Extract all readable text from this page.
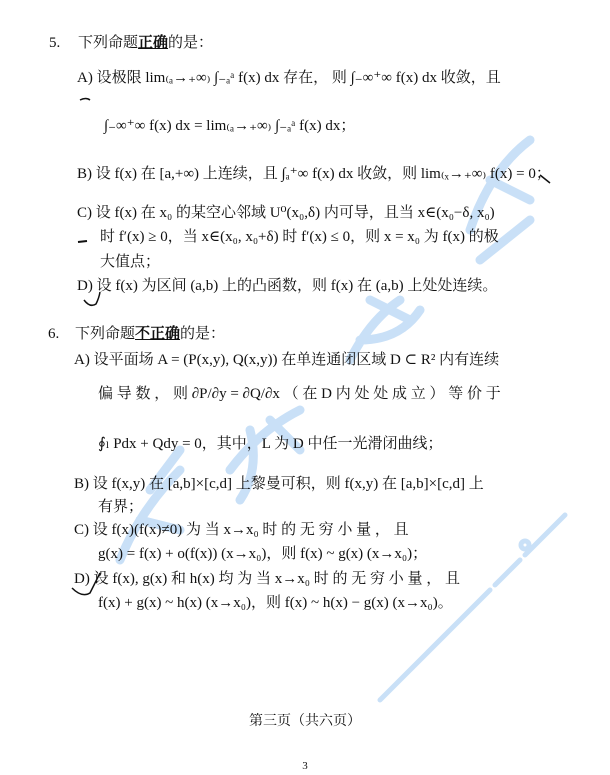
5. 下列命题正确的是：
A) 设极限 lim₍ₐ→₊∞₎ ∫₋ₐᵃ f(x) dx 存在， 则 ∫₋∞⁺∞ f(x) dx 收敛，且
∫₋∞⁺∞ f(x) dx = lim₍ₐ→₊∞₎ ∫₋ₐᵃ f(x) dx；
B) 设 f(x) 在 [a,+∞) 上连续，且 ∫ₐ⁺∞ f(x) dx 收敛，则 lim₍ₓ→₊∞₎ f(x) = 0；
C) 设 f(x) 在 x₀ 的某空心邻域 U⁰(x₀,δ) 内可导，且当 x∈(x₀−δ, x₀)
时 f′(x) ≥ 0，当 x∈(x₀, x₀+δ) 时 f′(x) ≤ 0，则 x = x₀ 为 f(x) 的极
大值点；
D) 设 f(x) 为区间 (a,b) 上的凸函数，则 f(x) 在 (a,b) 上处处连续。
6. 下列命题不正确的是：
A) 设平面场 A = (P(x,y), Q(x,y)) 在单连通闭区域 D ⊂ R² 内有连续
偏 导 数 ， 则 ∂P/∂y = ∂Q/∂x （ 在 D 内 处 处 成 立 ） 等 价 于
∮ₗ Pdx + Qdy = 0，其中，L 为 D 中任一光滑闭曲线；
B) 设 f(x,y) 在 [a,b]×[c,d] 上黎曼可积，则 f(x,y) 在 [a,b]×[c,d] 上
有界；
C) 设 f(x)(f(x)≠0) 为 当 x→x₀ 时 的 无 穷 小 量 ， 且
g(x) = f(x) + o(f(x)) (x→x₀)，则 f(x) ~ g(x) (x→x₀)；
D) 设 f(x), g(x) 和 h(x) 均 为 当 x→x₀ 时 的 无 穷 小 量 ， 且
f(x) + g(x) ~ h(x) (x→x₀)，则 f(x) ~ h(x) − g(x) (x→x₀)。
第三页（共六页）
3
